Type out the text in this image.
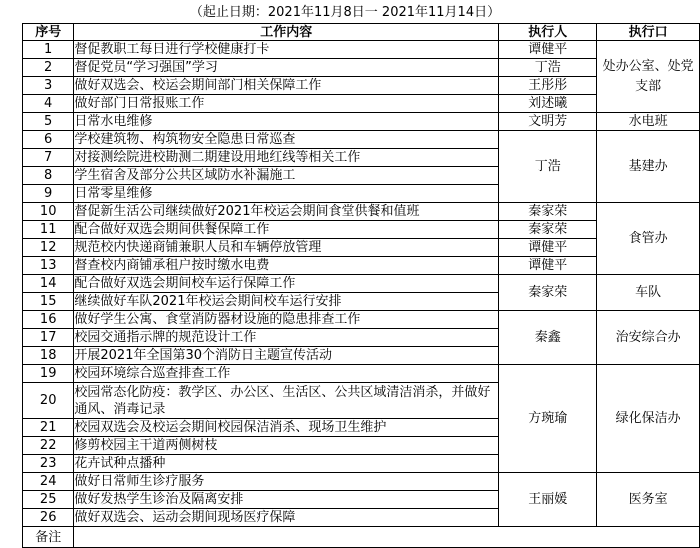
（起止日期：2021年11月8日一 2021年11月14日）
序号	工作内容	执行人	执行口
1	督促教职工每日进行学校健康打卡	谭健平	处办公室、处党支部
2	督促党员“学习强国”学习	丁浩	
3	做好双选会、校运会期间部门相关保障工作	王彤彤	
4	做好部门日常报账工作	刘述曦	
5	日常水电维修	文明芳	水电班
6	学校建筑物、构筑物安全隐患日常巡查	丁浩	基建办
7	对接测绘院进校勘测二期建设用地红线等相关工作		
8	学生宿舍及部分公共区域防水补漏施工		
9	日常零星维修		
10	督促新生活公司继续做好2021年校运会期间食堂供餐和值班	秦家荣	食管办
11	配合做好双选会期间供餐保障工作	秦家荣	
12	规范校内快递商铺兼职人员和车辆停放管理	谭健平	
13	督查校内商铺承租户按时缴水电费	谭健平	
14	配合做好双选会期间校车运行保障工作	秦家荣	车队
15	继续做好车队2021年校运会期间校车运行安排		
16	做好学生公寓、食堂消防器材设施的隐患排查工作	秦鑫	治安综合办
17	校园交通指示牌的规范设计工作		
18	开展2021年全国第30个消防日主题宣传活动		
19	校园环境综合巡查排查工作	方琬瑜	绿化保洁办
20	校园常态化防疫：教学区、办公区、生活区、公共区域清洁消杀，并做好通风、消毒记录		
21	校园双选会及校运会期间校园保洁消杀、现场卫生维护		
22	修剪校园主干道两侧树枝		
23	花卉试种点播种		
24	做好日常师生诊疗服务	王丽媛	医务室
25	做好发热学生诊治及隔离安排		
26	做好双选会、运动会期间现场医疗保障		
备注			
